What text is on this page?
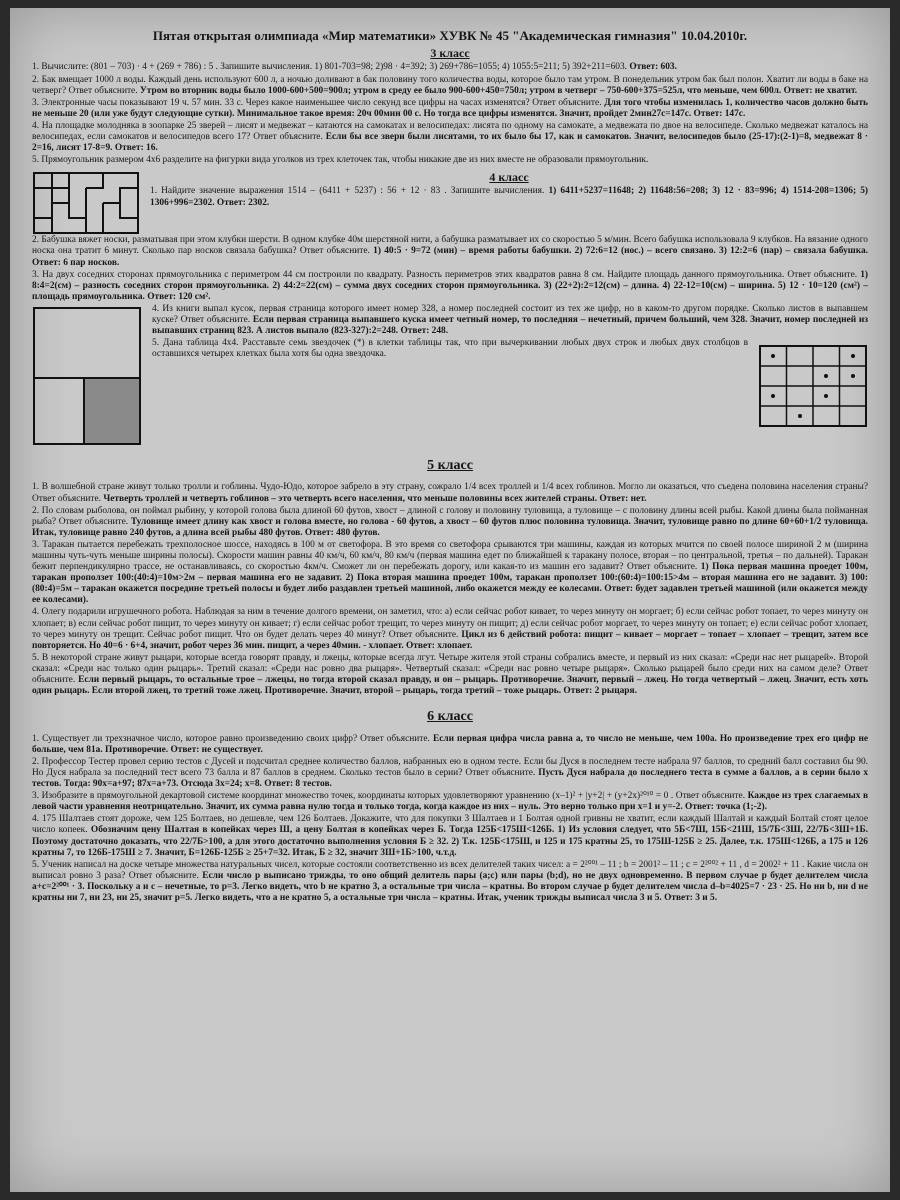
Пятая открытая олимпиада «Мир математики» ХУВК № 45 "Академическая гимназия" 10.04.2010г.
3 класс

1. Вычислите: (801 – 703) · 4 + (269 + 786) : 5 . Запишите вычисления. 1) 801-703=98; 2)98 · 4=392; 3) 269+786=1055; 4) 1055:5=211; 5) 392+211=603. Ответ: 603.

2. Бак вмещает 1000 л воды. Каждый день используют 600 л, а ночью доливают в бак половину того количества воды, которое было там утром. В понедельник утром бак был полон. Хватит ли воды в баке на четверг? Ответ объясните. Утром во вторник воды было 1000-600+500=900л; утром в среду ее было 900-600+450=750л; утром в четверг – 750-600+375=525л, что меньше, чем 600л. Ответ: не хватит.

3. Электронные часы показывают 19 ч. 57 мин. 33 с. Через какое наименьшее число секунд все цифры на часах изменятся? Ответ объясните. Для того чтобы изменилась 1, количество часов должно быть не меньше 20 (или уже будут следующие сутки). Минимальное такое время: 20ч 00мин 00 с. Но тогда все цифры изменятся. Значит, пройдет 2мин27с=147с. Ответ: 147с.

4. На площадке молодняка в зоопарке 25 зверей – лисят и медвежат – катаются на самокатах и велосипедах: лисята по одному на самокате, а медвежата по двое на велосипеде. Сколько медвежат каталось на велосипедах, если самокатов и велосипедов всего 17? Ответ объясните. Если бы все звери были лисятами, то их было бы 17, как и самокатов. Значит, велосипедов было (25-17):(2-1)=8, медвежат 8 · 2=16, лисят 17-8=9. Ответ: 16.

5. Прямоугольник размером 4х6 разделите на фигурки вида уголков из трех клеточек так, чтобы никакие две из них вместе не образовали прямоугольник.

4 класс

1. Найдите значение выражения 1514 – (6411 + 5237) : 56 + 12 · 83 . Запишите вычисления. 1) 6411+5237=11648; 2) 11648:56=208; 3) 12 · 83=996; 4) 1514-208=1306; 5) 1306+996=2302. Ответ: 2302.

2. Бабушка вяжет носки, разматывая при этом клубки шерсти. В одном клубке 40м шерстяной нити, а бабушка разматывает их со скоростью 5 м/мин. Всего бабушка использовала 9 клубков. На вязание одного носка она тратит 6 минут. Сколько пар носков связала бабушка? Ответ объясните. 1) 40:5 · 9=72 (мин) – время работы бабушки. 2) 72:6=12 (нос.) – всего связано. 3) 12:2=6 (пар) – связала бабушка. Ответ: 6 пар носков.

3. На двух соседних сторонах прямоугольника с периметром 44 см построили по квадрату. Разность периметров этих квадратов равна 8 см. Найдите площадь данного прямоугольника. Ответ объясните. 1) 8:4=2(см) – разность соседних сторон прямоугольника. 2) 44:2=22(см) – сумма двух соседних сторон прямоугольника. 3) (22+2):2=12(см) – длина. 4) 22-12=10(см) – ширина. 5) 12 · 10=120 (см²) – площадь прямоугольника. Ответ: 120 см².

4. Из книги выпал кусок, первая страница которого имеет номер 328, а номер последней состоит из тех же цифр, но в каком-то другом порядке. Сколько листов в выпавшем куске? Ответ объясните. Если первая страница выпавшего куска имеет четный номер, то последняя – нечетный, причем больший, чем 328. Значит, номер последней из выпавших страниц 823. А листов выпало (823-327):2=248. Ответ: 248.

5. Дана таблица 4х4. Расставьте семь звездочек (*) в клетки таблицы так, что при вычеркивании любых двух строк и любых двух столбцов в оставшихся четырех клетках была хотя бы одна звездочка.

5 класс

1. В волшебной стране живут только тролли и гоблины. Чудо-Юдо, которое забрело в эту страну, сожрало 1/4 всех троллей и 1/4 всех гоблинов. Могло ли оказаться, что съедена половина населения страны? Ответ объясните. Четверть троллей и четверть гоблинов – это четверть всего населения, что меньше половины всех жителей страны. Ответ: нет.

2. По словам рыболова, он поймал рыбину, у которой голова была длиной 60 футов, хвост – длиной с голову и половину туловища, а туловище – с половину длины всей рыбы. Какой длины была пойманная рыба? Ответ объясните. Туловище имеет длину как хвост и голова вместе, но голова - 60 футов, а хвост – 60 футов плюс половина туловища. Значит, туловище равно по длине 60+60+1/2 туловища. Итак, туловище равно 240 футов, а длина всей рыбы 480 футов. Ответ: 480 футов.

3. Таракан пытается перебежать трехполосное шоссе, находясь в 100 м от светофора. В это время со светофора срываются три машины, каждая из которых мчится по своей полосе шириной 2 м (ширина машины чуть-чуть меньше ширины полосы). Скорости машин равны 40 км/ч, 60 км/ч, 80 км/ч (первая машина едет по ближайшей к таракану полосе, вторая – по центральной, третья – по дальней). Таракан бежит перпендикулярно трассе, не останавливаясь, со скоростью 4км/ч. Сможет ли он перебежать дорогу, или какая-то из машин его задавит? Ответ объясните. 1) Пока первая машина проедет 100м, таракан проползет 100:(40:4)=10м>2м – первая машина его не задавит. 2) Пока вторая машина проедет 100м, таракан проползет 100:(60:4)=100:15>4м – вторая машина его не задавит. 3) 100:(80:4)=5м – таракан окажется посредине третьей полосы и будет либо раздавлен третьей машиной, либо окажется между ее колесами. Ответ: будет задавлен третьей машиной (или окажется между ее колесами).

4. Олегу подарили игрушечного робота. Наблюдая за ним в течение долгого времени, он заметил, что: а) если сейчас робот кивает, то через минуту он моргает; б) если сейчас робот топает, то через минуту он хлопает; в) если сейчас робот пищит, то через минуту он кивает; г) если сейчас робот трещит, то через минуту он пищит; д) если сейчас робот моргает, то через минуту он топает; е) если сейчас робот хлопает, то через минуту он трещит. Сейчас робот пищит. Что он будет делать через 40 минут? Ответ объясните. Цикл из 6 действий робота: пищит – кивает – моргает – топает – хлопает – трещит, затем все повторяется. Но 40=6 · 6+4, значит, робот через 36 мин. пищит, а через 40мин. - хлопает. Ответ: хлопает.

5. В некоторой стране живут рыцари, которые всегда говорят правду, и лжецы, которые всегда лгут. Четыре жителя этой страны собрались вместе, и первый из них сказал: «Среди нас нет рыцарей». Второй сказал: «Среди нас только один рыцарь». Третий сказал: «Среди нас ровно два рыцаря». Четвертый сказал: «Среди нас ровно четыре рыцаря». Сколько рыцарей было среди них на самом деле? Ответ объясните. Если первый рыцарь, то остальные трое – лжецы, но тогда второй сказал правду, и он – рыцарь. Противоречие. Значит, первый – лжец. Но тогда четвертый – лжец. Значит, есть хоть один рыцарь. Если второй лжец, то третий тоже лжец. Противоречие. Значит, второй – рыцарь, тогда третий – тоже рыцарь. Ответ: 2 рыцаря.

6 класс

1. Существует ли трехзначное число, которое равно произведению своих цифр? Ответ объясните. Если первая цифра числа равна a, то число не меньше, чем 100a. Но произведение трех его цифр не больше, чем 81a. Противоречие. Ответ: не существует.

2. Профессор Тестер провел серию тестов с Дусей и подсчитал среднее количество баллов, набранных ею в одном тесте. Если бы Дуся в последнем тесте набрала 97 баллов, то средний балл составил бы 90. Но Дуся набрала за последний тест всего 73 балла и 87 баллов в среднем. Сколько тестов было в серии? Ответ объясните. Пусть Дуся набрала до последнего теста в сумме a баллов, а в серии было x тестов. Тогда: 90x=a+97; 87x=a+73. Отсюда 3x=24; x=8. Ответ: 8 тестов.

3. Изобразите в прямоугольной декартовой системе координат множество точек, координаты которых удовлетворяют уравнению (x–1)² + |y+2| + (y+2x)²⁰¹⁰ = 0 . Ответ объясните. Каждое из трех слагаемых в левой части уравнения неотрицательно. Значит, их сумма равна нулю тогда и только тогда, когда каждое из них – нуль. Это верно только при x=1 и y=-2. Ответ: точка (1;-2).

4. 175 Шалтаев стоят дороже, чем 125 Болтаев, но дешевле, чем 126 Болтаев. Докажите, что для покупки 3 Шалтаев и 1 Болтая одной гривны не хватит, если каждый Шалтай и каждый Болтай стоят целое число копеек. Обозначим цену Шалтая в копейках через Ш, а цену Болтая в копейках через Б. Тогда 125Б<175Ш<126Б. 1) Из условия следует, что 5Б<7Ш, 15Б<21Ш, 15/7Б<3Ш, 22/7Б<3Ш+1Б. Поэтому достаточно доказать, что 22/7Б>100, а для этого достаточно выполнения условия Б ≥ 32. 2) Т.к. 125Б<175Ш, и 125 и 175 кратны 25, то 175Ш-125Б ≥ 25. Далее, т.к. 175Ш<126Б, а 175 и 126 кратны 7, то 126Б-175Ш ≥ 7. Значит, Б=126Б-125Б ≥ 25+7=32. Итак, Б ≥ 32, значит 3Ш+1Б>100, ч.т.д.

5. Ученик написал на доске четыре множества натуральных чисел, которые состояли соответственно из всех делителей таких чисел: a = 2²⁰⁰¹ – 11 ; b = 2001² – 11 ; c = 2²⁰⁰² + 11 , d = 2002² + 11 . Какие числа он выписал ровно 3 раза? Ответ объясните. Если число p выписано трижды, то оно общий делитель пары (a;c) или пары (b;d), но не двух одновременно. В первом случае p будет делителем числа a+c=2²⁰⁰¹ · 3. Поскольку a и c – нечетные, то p=3. Легко видеть, что b не кратно 3, а остальные три числа – кратны. Во втором случае p будет делителем числа d–b=4025=7 · 23 · 25. Но ни b, ни d не кратны ни 7, ни 23, ни 25, значит p=5. Легко видеть, что a не кратно 5, а остальные три числа – кратны. Итак, ученик трижды выписал числа 3 и 5. Ответ: 3 и 5.
